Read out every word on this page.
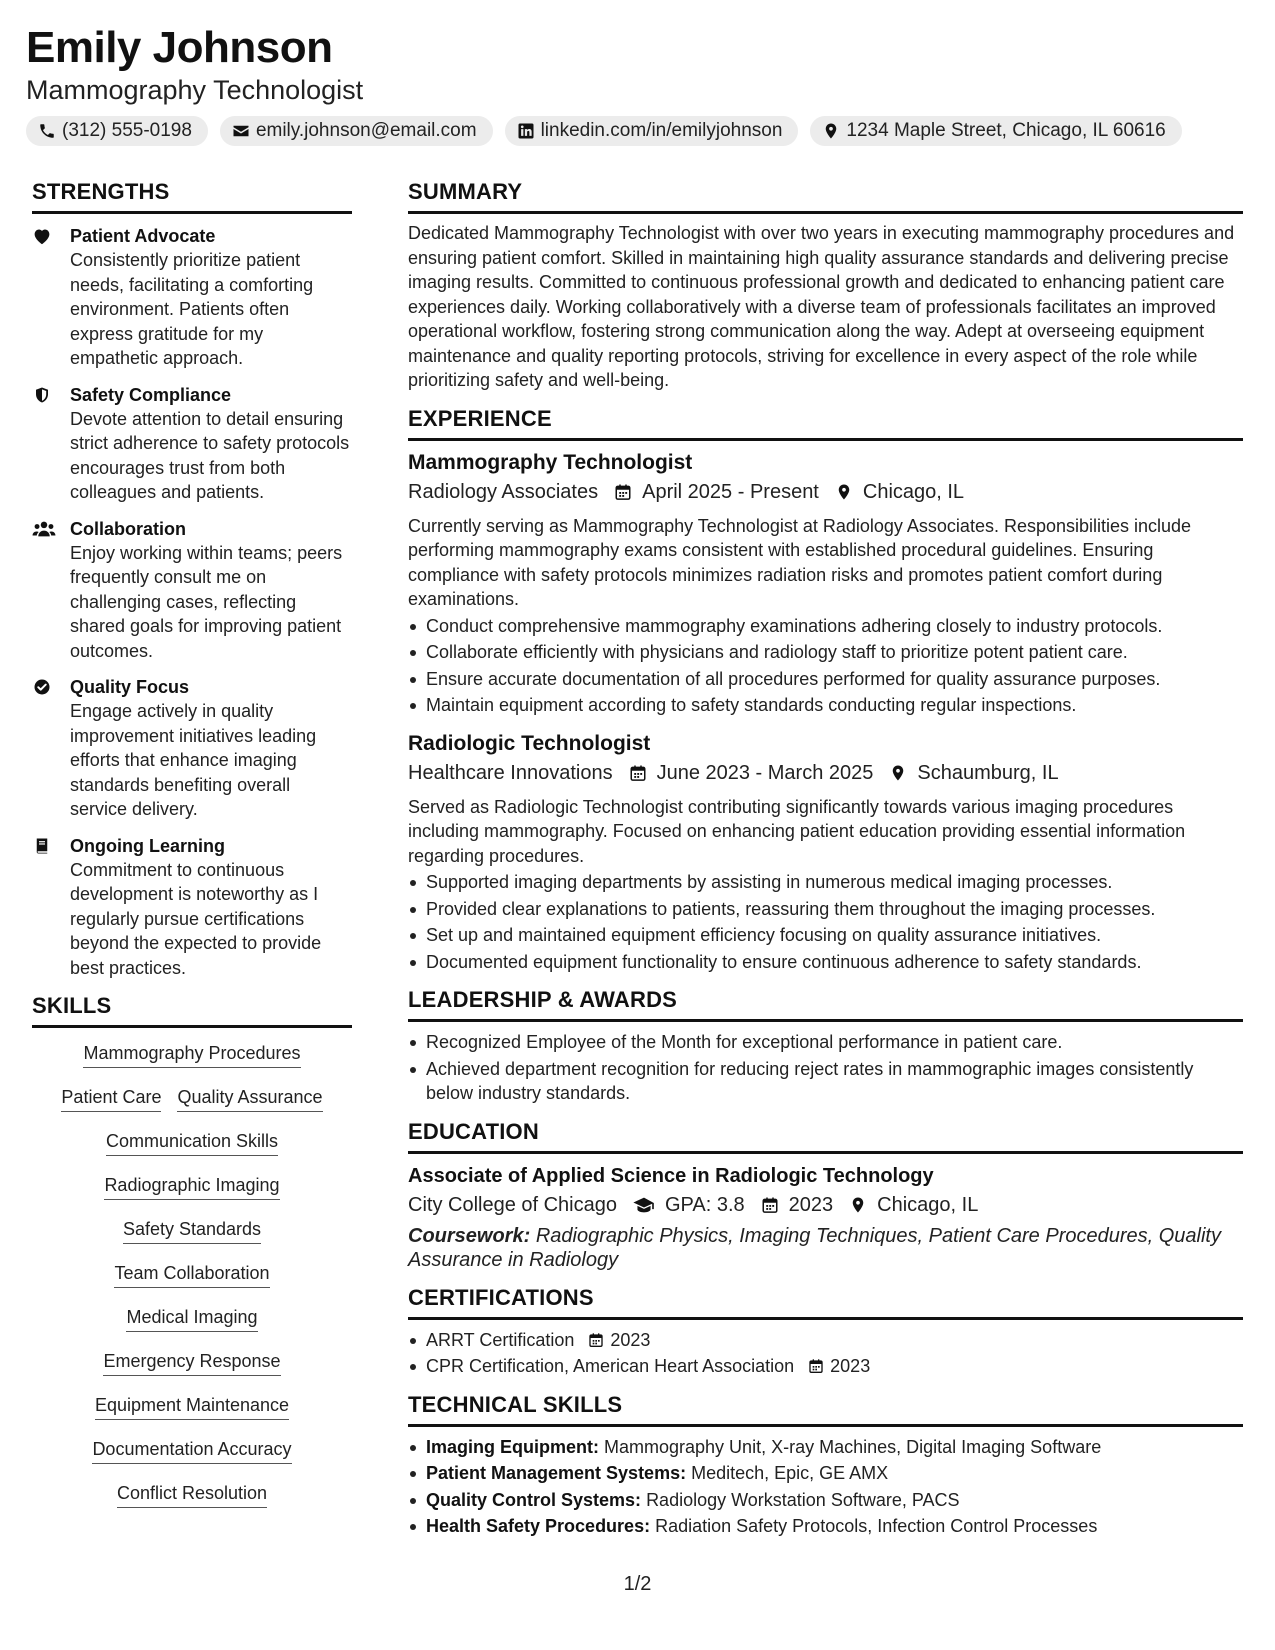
Emily Johnson
Mammography Technologist
(312) 555-0198	emily.johnson@email.com	linkedin.com/in/emilyjohnson	1234 Maple Street, Chicago, IL 60616
STRENGTHS
Patient Advocate
Consistently prioritize patient needs, facilitating a comforting environment. Patients often express gratitude for my empathetic approach.
Safety Compliance
Devote attention to detail ensuring strict adherence to safety protocols encourages trust from both colleagues and patients.
Collaboration
Enjoy working within teams; peers frequently consult me on challenging cases, reflecting shared goals for improving patient outcomes.
Quality Focus
Engage actively in quality improvement initiatives leading efforts that enhance imaging standards benefiting overall service delivery.
Ongoing Learning
Commitment to continuous development is noteworthy as I regularly pursue certifications beyond the expected to provide best practices.
SKILLS
Mammography Procedures
Patient Care Quality Assurance
Communication Skills
Radiographic Imaging
Safety Standards
Team Collaboration
Medical Imaging
Emergency Response
Equipment Maintenance
Documentation Accuracy
Conflict Resolution
SUMMARY
Dedicated Mammography Technologist with over two years in executing mammography procedures and ensuring patient comfort. Skilled in maintaining high quality assurance standards and delivering precise imaging results. Committed to continuous professional growth and dedicated to enhancing patient care experiences daily. Working collaboratively with a diverse team of professionals facilitates an improved operational workflow, fostering strong communication along the way. Adept at overseeing equipment maintenance and quality reporting protocols, striving for excellence in every aspect of the role while prioritizing safety and well-being.
EXPERIENCE
Mammography Technologist
Radiology Associates April 2025 - Present Chicago, IL
Currently serving as Mammography Technologist at Radiology Associates. Responsibilities include performing mammography exams consistent with established procedural guidelines. Ensuring compliance with safety protocols minimizes radiation risks and promotes patient comfort during examinations.
Conduct comprehensive mammography examinations adhering closely to industry protocols.
Collaborate efficiently with physicians and radiology staff to prioritize potent patient care.
Ensure accurate documentation of all procedures performed for quality assurance purposes.
Maintain equipment according to safety standards conducting regular inspections.
Radiologic Technologist
Healthcare Innovations June 2023 - March 2025 Schaumburg, IL
Served as Radiologic Technologist contributing significantly towards various imaging procedures including mammography. Focused on enhancing patient education providing essential information regarding procedures.
Supported imaging departments by assisting in numerous medical imaging processes.
Provided clear explanations to patients, reassuring them throughout the imaging processes.
Set up and maintained equipment efficiency focusing on quality assurance initiatives.
Documented equipment functionality to ensure continuous adherence to safety standards.
LEADERSHIP & AWARDS
Recognized Employee of the Month for exceptional performance in patient care.
Achieved department recognition for reducing reject rates in mammographic images consistently below industry standards.
EDUCATION
Associate of Applied Science in Radiologic Technology
City College of Chicago GPA: 3.8 2023 Chicago, IL
Coursework: Radiographic Physics, Imaging Techniques, Patient Care Procedures, Quality Assurance in Radiology
CERTIFICATIONS
ARRT Certification 2023
CPR Certification, American Heart Association 2023
TECHNICAL SKILLS
Imaging Equipment: Mammography Unit, X-ray Machines, Digital Imaging Software
Patient Management Systems: Meditech, Epic, GE AMX
Quality Control Systems: Radiology Workstation Software, PACS
Health Safety Procedures: Radiation Safety Protocols, Infection Control Processes
1/2
